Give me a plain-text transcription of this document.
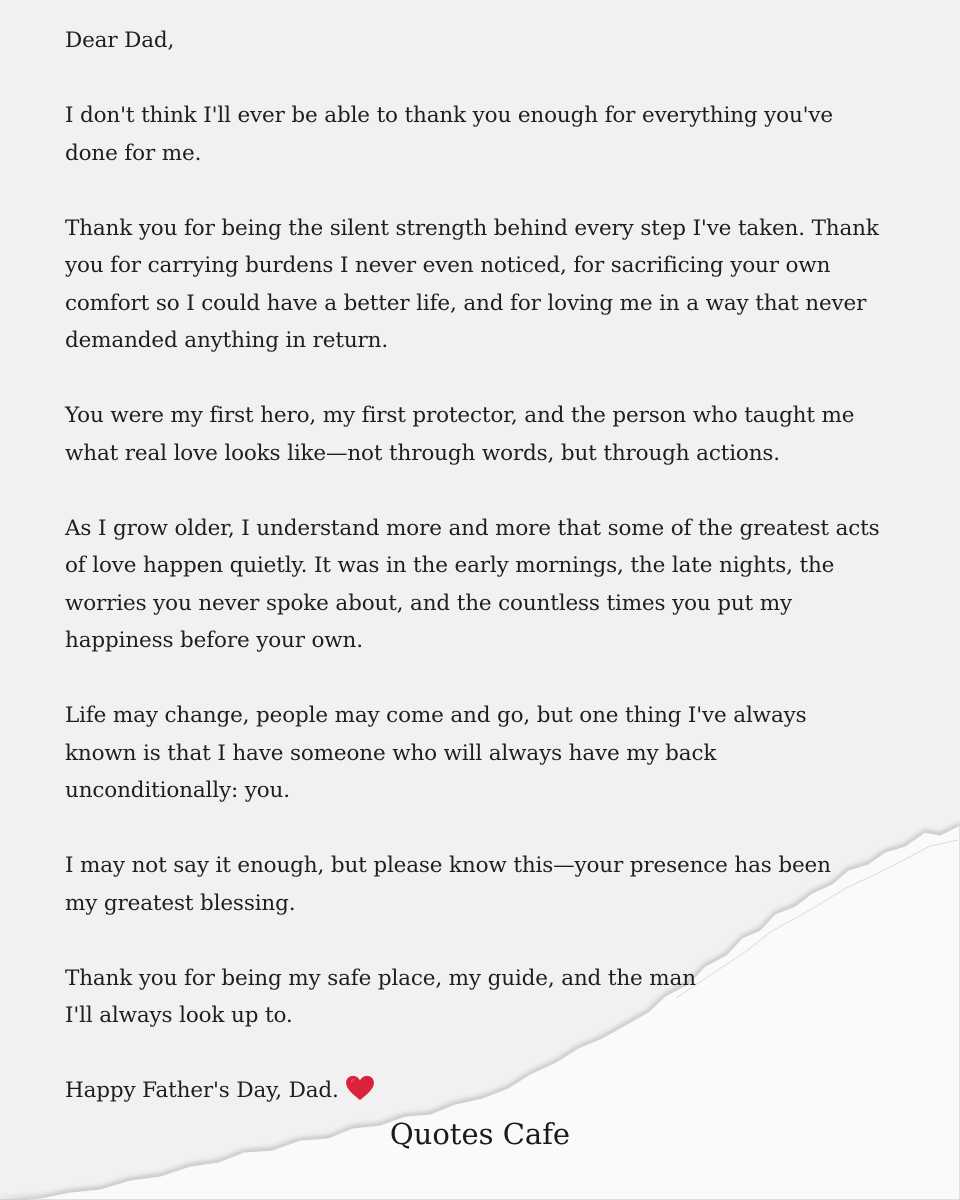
Dear Dad,
I don't think I'll ever be able to thank you enough for everything you've
done for me.
Thank you for being the silent strength behind every step I've taken. Thank
you for carrying burdens I never even noticed, for sacrificing your own
comfort so I could have a better life, and for loving me in a way that never
demanded anything in return.
You were my first hero, my first protector, and the person who taught me
what real love looks like—not through words, but through actions.
As I grow older, I understand more and more that some of the greatest acts
of love happen quietly. It was in the early mornings, the late nights, the
worries you never spoke about, and the countless times you put my
happiness before your own.
Life may change, people may come and go, but one thing I've always
known is that I have someone who will always have my back
unconditionally: you.
I may not say it enough, but please know this—your presence has been
my greatest blessing.
Thank you for being my safe place, my guide, and the man
I'll always look up to.
Happy Father's Day, Dad.
Quotes Cafe
